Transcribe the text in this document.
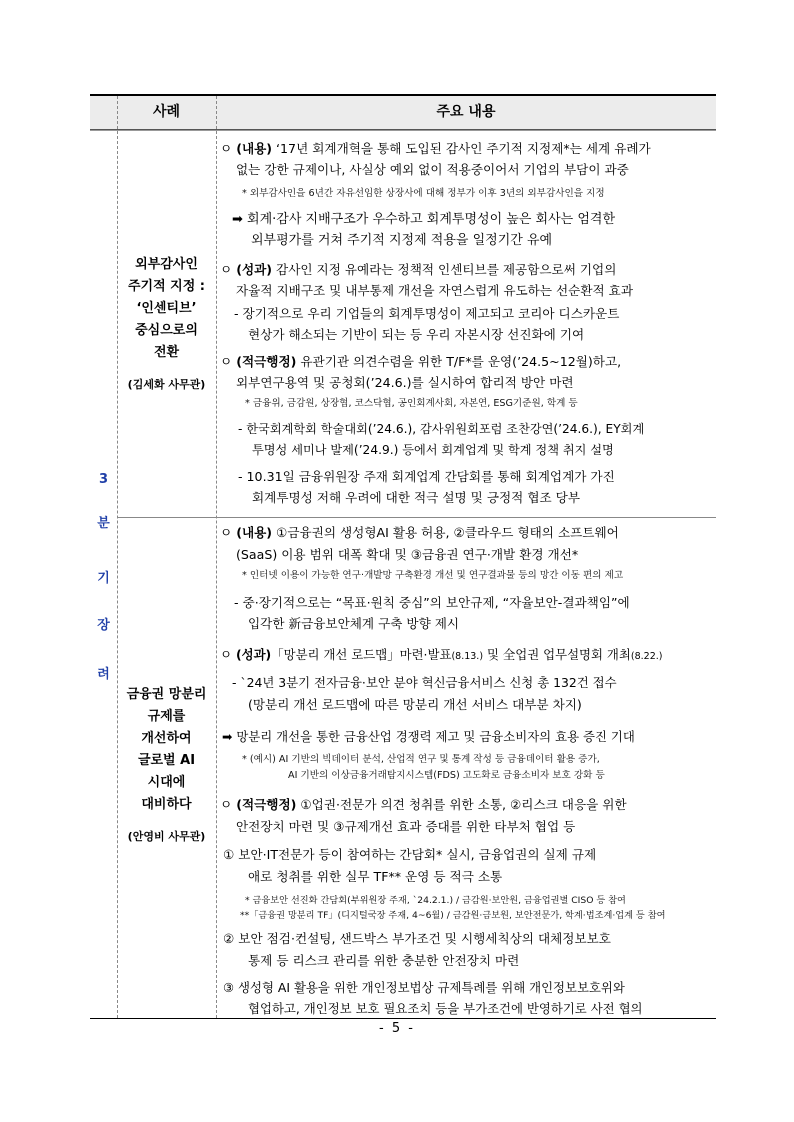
사례	주요 내용
3
분
기
장
려
외부감사인
주기적 지정 :
‘인센티브’
중심으로의
전환
(김세화 사무관)
ㅇ (내용) ‘17년 회계개혁을 통해 도입된 감사인 주기적 지정제*는 세계 유례가
없는 강한 규제이나, 사실상 예외 없이 적용중이어서 기업의 부담이 과중
* 외부감사인을 6년간 자유선임한 상장사에 대해 정부가 이후 3년의 외부감사인을 지정
➡ 회계·감사 지배구조가 우수하고 회계투명성이 높은 회사는 엄격한
외부평가를 거쳐 주기적 지정제 적용을 일정기간 유예
ㅇ (성과) 감사인 지정 유예라는 정책적 인센티브를 제공함으로써 기업의
자율적 지배구조 및 내부통제 개선을 자연스럽게 유도하는 선순환적 효과
- 장기적으로 우리 기업들의 회계투명성이 제고되고 코리아 디스카운트
현상가 해소되는 기반이 되는 등 우리 자본시장 선진화에 기여
ㅇ (적극행정) 유관기관 의견수렴을 위한 T/F*를 운영(’24.5~12월)하고,
외부연구용역 및 공청회(’24.6.)를 실시하여 합리적 방안 마련
* 금융위, 금감원, 상장협, 코스닥협, 공인회계사회, 자본연, ESG기준원, 학계 등
- 한국회계학회 학술대회(’24.6.), 감사위원회포럼 조찬강연(’24.6.), EY회계
투명성 세미나 발제(’24.9.) 등에서 회계업계 및 학계 정책 취지 설명
- 10.31일 금융위원장 주재 회계업계 간담회를 통해 회계업계가 가진
회계투명성 저해 우려에 대한 적극 설명 및 긍정적 협조 당부
금융권 망분리
규제를
개선하여
글로벌 AI
시대에
대비하다
(안영비 사무관)
ㅇ (내용) ①금융권의 생성형AI 활용 허용, ②클라우드 형태의 소프트웨어
(SaaS) 이용 범위 대폭 확대 및 ③금융권 연구·개발 환경 개선*
* 인터넷 이용이 가능한 연구·개발망 구축환경 개선 및 연구결과물 등의 망간 이동 편의 제고
- 중·장기적으로는 “목표·원칙 중심”의 보안규제, “자율보안-결과책임”에
입각한 新금융보안체계 구축 방향 제시
ㅇ (성과)「망분리 개선 로드맵」마련·발표(8.13.) 및 全업권 업무설명회 개최(8.22.)
- `24년 3분기 전자금융·보안 분야 혁신금융서비스 신청 총 132건 접수
(망분리 개선 로드맵에 따른 망분리 개선 서비스 대부분 차지)
➡ 망분리 개선을 통한 금융산업 경쟁력 제고 및 금융소비자의 효용 증진 기대
* (예시) AI 기반의 빅데이터 분석, 산업적 연구 및 통계 작성 등 금융데이터 활용 증가,
AI 기반의 이상금융거래탐지시스템(FDS) 고도화로 금융소비자 보호 강화 등
ㅇ (적극행정) ①업권·전문가 의견 청취를 위한 소통, ②리스크 대응을 위한
안전장치 마련 및 ③규제개선 효과 증대를 위한 타부처 협업 등
① 보안·IT전문가 등이 참여하는 간담회* 실시, 금융업권의 실제 규제
애로 청취를 위한 실무 TF** 운영 등 적극 소통
* 금융보안 선진화 간담회(부위원장 주재, `24.2.1.) / 금감원·보안원, 금융업권별 CISO 등 참여
**「금융권 망분리 TF」(디지털국장 주재, 4~6월) / 금감원·금보원, 보안전문가, 학계·법조계·업계 등 참여
② 보안 점검·컨설팅, 샌드박스 부가조건 및 시행세칙상의 대체정보보호
통제 등 리스크 관리를 위한 충분한 안전장치 마련
③ 생성형 AI 활용을 위한 개인정보법상 규제특례를 위해 개인정보보호위와
협업하고, 개인정보 보호 필요조치 등을 부가조건에 반영하기로 사전 협의
- 5 -
